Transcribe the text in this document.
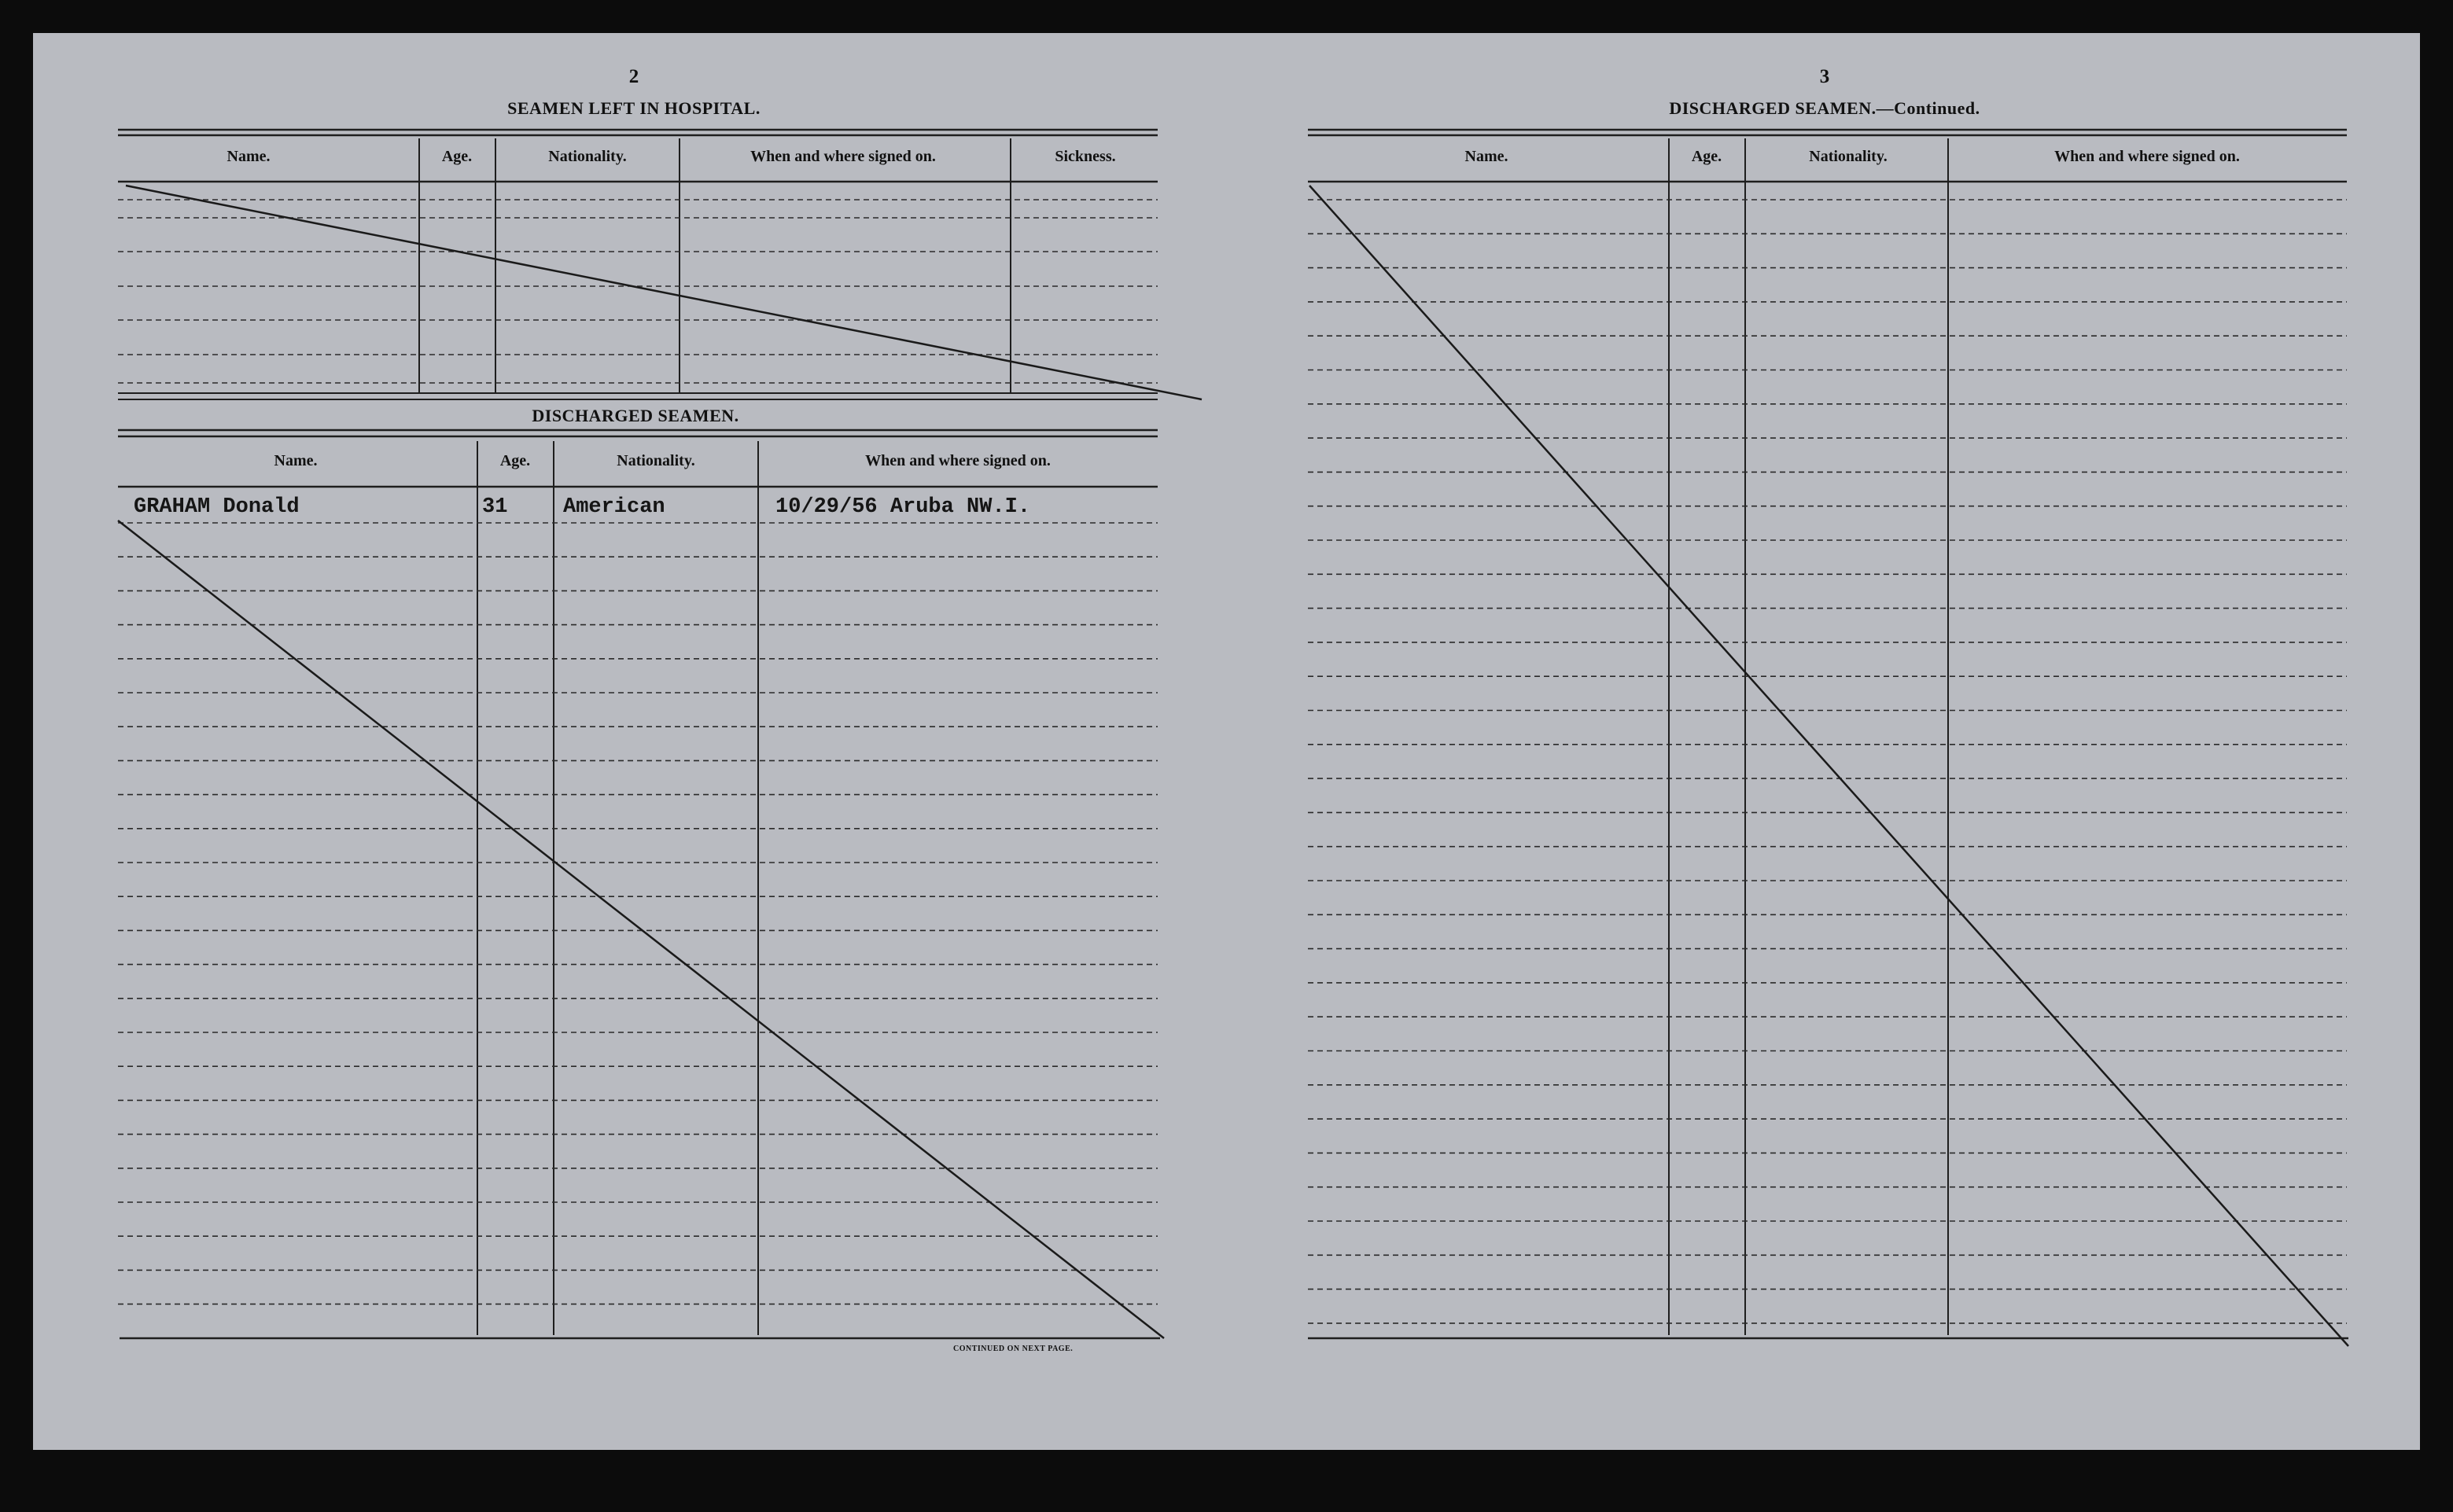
2
SEAMEN LEFT IN HOSPITAL.
Name.	Age.	Nationality.	When and where signed on.	Sickness.
DISCHARGED SEAMEN.
Name.	Age.	Nationality.	When and where signed on.
GRAHAM Donald	31	American	10/29/56 Aruba NW.I.
CONTINUED ON NEXT PAGE.
3
DISCHARGED SEAMEN.—Continued.
Name.	Age.	Nationality.	When and where signed on.
